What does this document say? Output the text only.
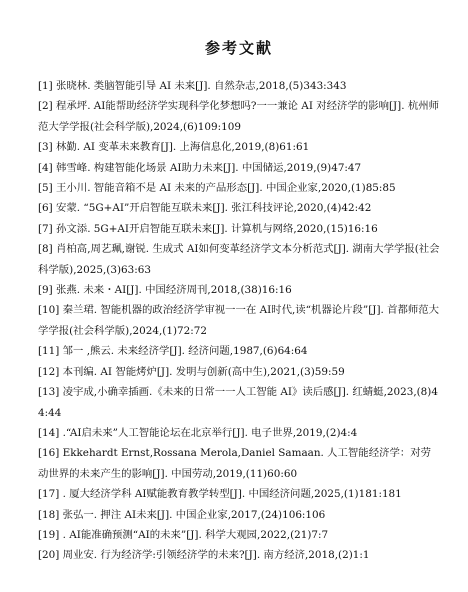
参考文献
[1] 张晓林. 类脑智能引导 AI 未来[J]. 自然杂志,2018,(5)343:343
[2] 程承坪. AI能帮助经济学实现科学化梦想吗?一一兼论 AI 对经济学的影响[J]. 杭州师范大学学报(社会科学版),2024,(6)109:109
[3] 林勤. AI 变革未来教育[J]. 上海信息化,2019,(8)61:61
[4] 韩雪峰. 构建智能化场景 AI助力未来[J]. 中国储运,2019,(9)47:47
[5] 王小川. 智能音箱不是 AI 未来的产品形态[J]. 中国企业家,2020,(1)85:85
[6] 安蒙. “5G+AI”开启智能互联未来[J]. 张江科技评论,2020,(4)42:42
[7] 孙文添. 5G+AI开启智能互联未来[J]. 计算机与网络,2020,(15)16:16
[8] 肖柏高,周艺珮,谢锐. 生成式 AI如何变革经济学文本分析范式[J]. 湖南大学学报(社会科学版),2025,(3)63:63
[9] 张燕. 未来・AI[J]. 中国经济周刊,2018,(38)16:16
[10] 秦兰珺. 智能机器的政治经济学审视一一在 AI时代,读“机器论片段”[J]. 首都师范大学学报(社会科学版),2024,(1)72:72
[11] 邹一 ,熊云. 未来经济学[J]. 经济问题,1987,(6)64:64
[12] 本刊编. AI 智能烤炉[J]. 发明与创新(高中生),2021,(3)59:59
[13] 凌宇成,小确幸插画.《未来的日常一一人工智能 AI》读后感[J]. 红蜻蜓,2023,(8)44:44
[14] .“AI启未来”人工智能论坛在北京举行[J]. 电子世界,2019,(2)4:4
[16] Ekkehardt Ernst,Rossana Merola,Daniel Samaan. 人工智能经济学：对劳动世界的未来产生的影响[J]. 中国劳动,2019,(11)60:60
[17] . 厦大经济学科 AI赋能教育教学转型[J]. 中国经济问题,2025,(1)181:181
[18] 张弘一. 押注 AI未来[J]. 中国企业家,2017,(24)106:106
[19] . AI能准确预测“AI的未来”[J]. 科学大观园,2022,(21)7:7
[20] 周业安. 行为经济学:引领经济学的未来?[J]. 南方经济,2018,(2)1:1
